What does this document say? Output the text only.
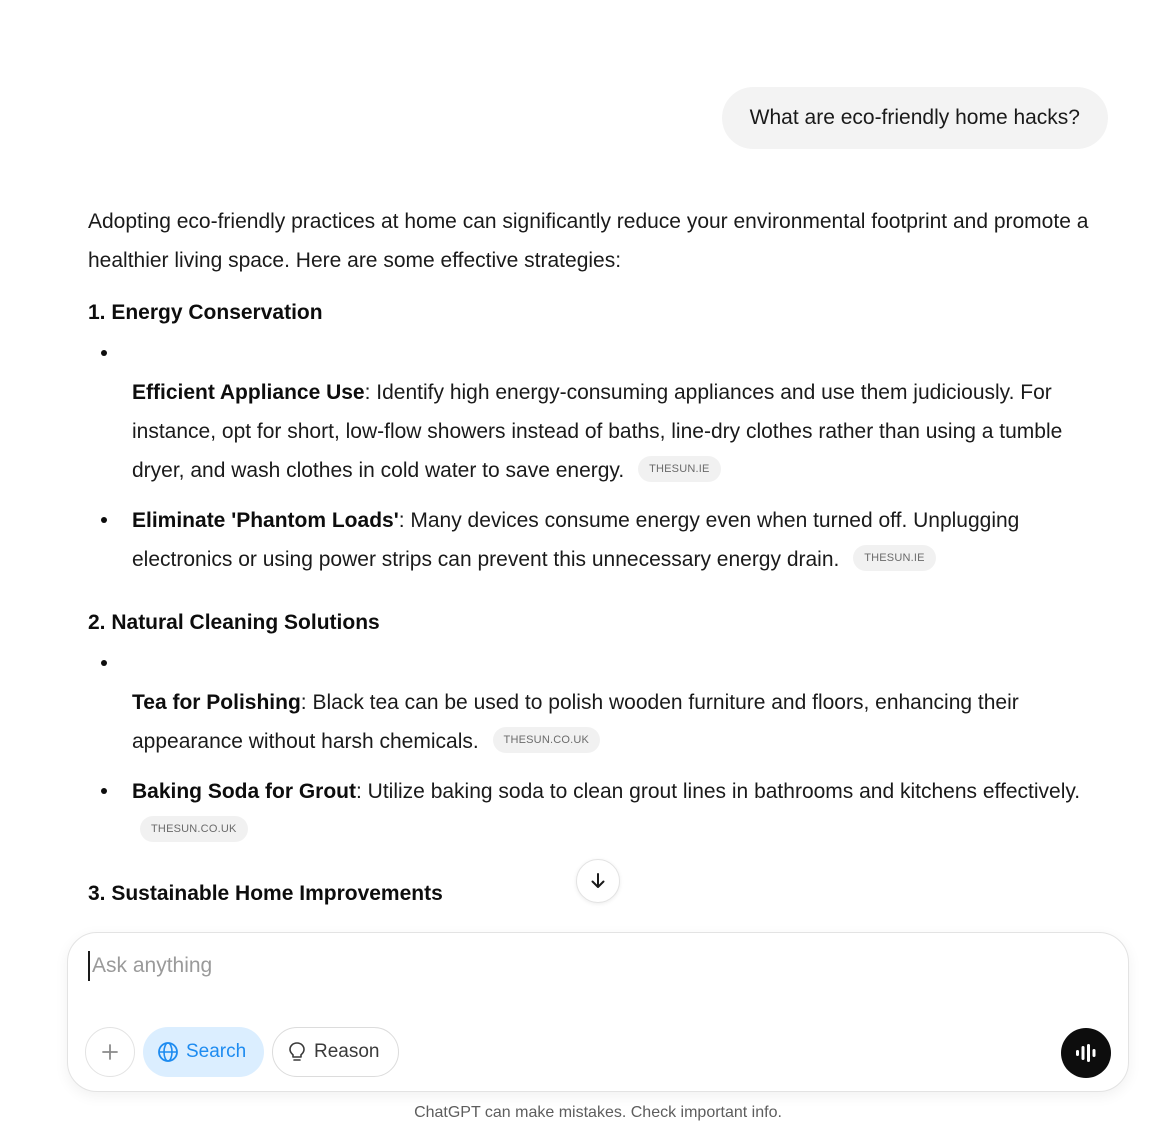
What are eco-friendly home hacks?

Adopting eco-friendly practices at home can significantly reduce your environmental footprint and promote a healthier living space. Here are some effective strategies:

1. Energy Conservation
Efficient Appliance Use: Identify high energy-consuming appliances and use them judiciously. For instance, opt for short, low-flow showers instead of baths, line-dry clothes rather than using a tumble dryer, and wash clothes in cold water to save energy. THESUN.IE
Eliminate 'Phantom Loads': Many devices consume energy even when turned off. Unplugging electronics or using power strips can prevent this unnecessary energy drain. THESUN.IE
2. Natural Cleaning Solutions
Tea for Polishing: Black tea can be used to polish wooden furniture and floors, enhancing their appearance without harsh chemicals. THESUN.CO.UK
Baking Soda for Grout: Utilize baking soda to clean grout lines in bathrooms and kitchens effectively. THESUN.CO.UK
3. Sustainable Home Improvements
Ask anything
Search	Reason
ChatGPT can make mistakes. Check important info.
